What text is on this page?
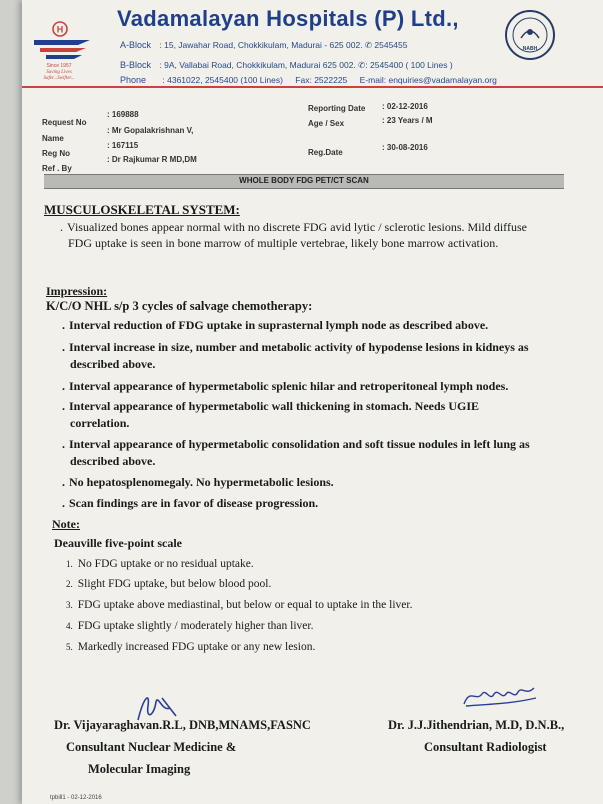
H
Since 1957
Saving Lives
Safer...Swifter...
Vadamalayan Hospitals (P) Ltd.,
A-Block : 15, Jawahar Road, Chokkikulam, Madurai - 625 002. ✆ 2545455
B-Block : 9A, Vallabai Road, Chokkikulam, Madurai 625 002. ✆: 2545400 ( 100 Lines )
Phone : 4361022, 2545400 (100 Lines) Fax: 2522225 E-mail: enquiries@vadamalayan.org
NABH
Request No
: 169888
Name
: Mr Gopalakrishnan V,
Reg No
: 167115
Ref . By
: Dr Rajkumar R MD,DM
Reporting Date : 02-12-2016
Age / Sex	: 23 Years / M
Reg.Date
: 30-08-2016
WHOLE BODY FDG PET/CT SCAN
MUSCULOSKELETAL SYSTEM:
. Visualized bones appear normal with no discrete FDG avid lytic / sclerotic lesions. Mild diffuse
FDG uptake is seen in bone marrow of multiple vertebrae, likely bone marrow activation.
Impression:
K/C/O NHL s/p 3 cycles of salvage chemotherapy:
. Interval reduction of FDG uptake in suprasternal lymph node as described above.
. Interval increase in size, number and metabolic activity of hypodense lesions in kidneys as
described above.
. Interval appearance of hypermetabolic splenic hilar and retroperitoneal lymph nodes.
. Interval appearance of hypermetabolic wall thickening in stomach. Needs UGIE
correlation.
. Interval appearance of hypermetabolic consolidation and soft tissue nodules in left lung as
described above.
. No hepatosplenomegaly. No hypermetabolic lesions.
. Scan findings are in favor of disease progression.
Note:
Deauville five-point scale
1. No FDG uptake or no residual uptake.
2. Slight FDG uptake, but below blood pool.
3. FDG uptake above mediastinal, but below or equal to uptake in the liver.
4. FDG uptake slightly / moderately higher than liver.
5. Markedly increased FDG uptake or any new lesion.
Dr. Vijayaraghavan.R.L, DNB,MNAMS,FASNC
Consultant Nuclear Medicine &
Molecular Imaging
Dr. J.J.Jithendrian, M.D, D.N.B.,
Consultant Radiologist
tpbill1 - 02-12-2016
